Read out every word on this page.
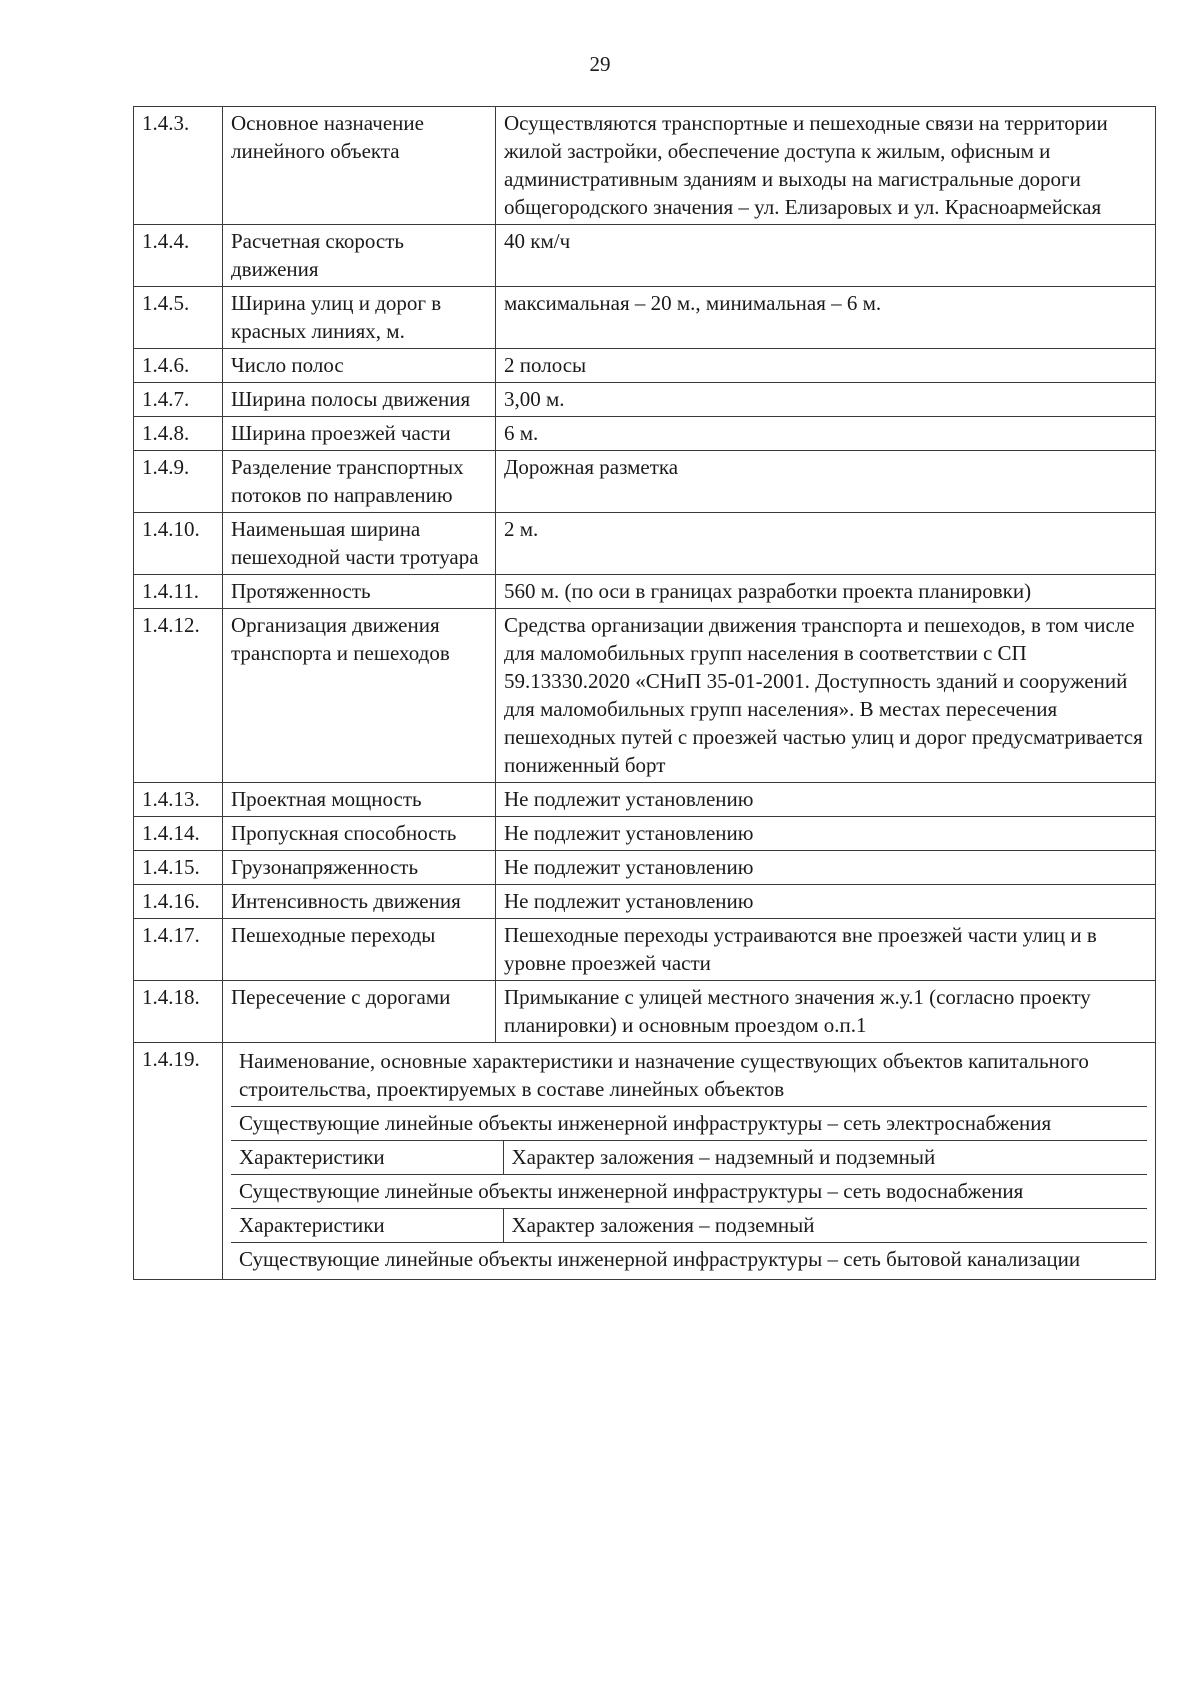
29
1.4.3.	Основное назначение линейного объекта	Осуществляются транспортные и пешеходные связи на территории жилой застройки, обеспечение доступа к жилым, офисным и административным зданиям и выходы на магистральные дороги общегородского значения – ул. Елизаровых и ул. Красноармейская
1.4.4.	Расчетная скорость движения	40 км/ч
1.4.5.	Ширина улиц и дорог в красных линиях, м.	максимальная – 20 м., минимальная – 6 м.
1.4.6.	Число полос	2 полосы
1.4.7.	Ширина полосы движения	3,00 м.
1.4.8.	Ширина проезжей части	6 м.
1.4.9.	Разделение транспортных потоков по направлению	Дорожная разметка
1.4.10.	Наименьшая ширина пешеходной части тротуара	2 м.
1.4.11.	Протяженность	560 м. (по оси в границах разработки проекта планировки)
1.4.12.	Организация движения транспорта и пешеходов	Средства организации движения транспорта и пешеходов, в том числе для маломобильных групп населения в соответствии с СП 59.13330.2020 «СНиП 35-01-2001. Доступность зданий и сооружений для маломобильных групп населения». В местах пересечения пешеходных путей с проезжей частью улиц и дорог предусматривается пониженный борт
1.4.13.	Проектная мощность	Не подлежит установлению
1.4.14.	Пропускная способность	Не подлежит установлению
1.4.15.	Грузонапряженность	Не подлежит установлению
1.4.16.	Интенсивность движения	Не подлежит установлению
1.4.17.	Пешеходные переходы	Пешеходные переходы устраиваются вне проезжей части улиц и в уровне проезжей части
1.4.18.	Пересечение с дорогами	Примыкание с улицей местного значения ж.у.1 (согласно проекту планировки) и основным проездом о.п.1
1.4.19.	Наименование, основные характеристики и назначение существующих объектов капитального строительства, проектируемых в составе линейных объектов
Существующие линейные объекты инженерной инфраструктуры – сеть электроснабжения
Характеристики	Характер заложения – надземный и подземный
Существующие линейные объекты инженерной инфраструктуры – сеть водоснабжения
Характеристики	Характер заложения – подземный
Существующие линейные объекты инженерной инфраструктуры – сеть бытовой канализации
